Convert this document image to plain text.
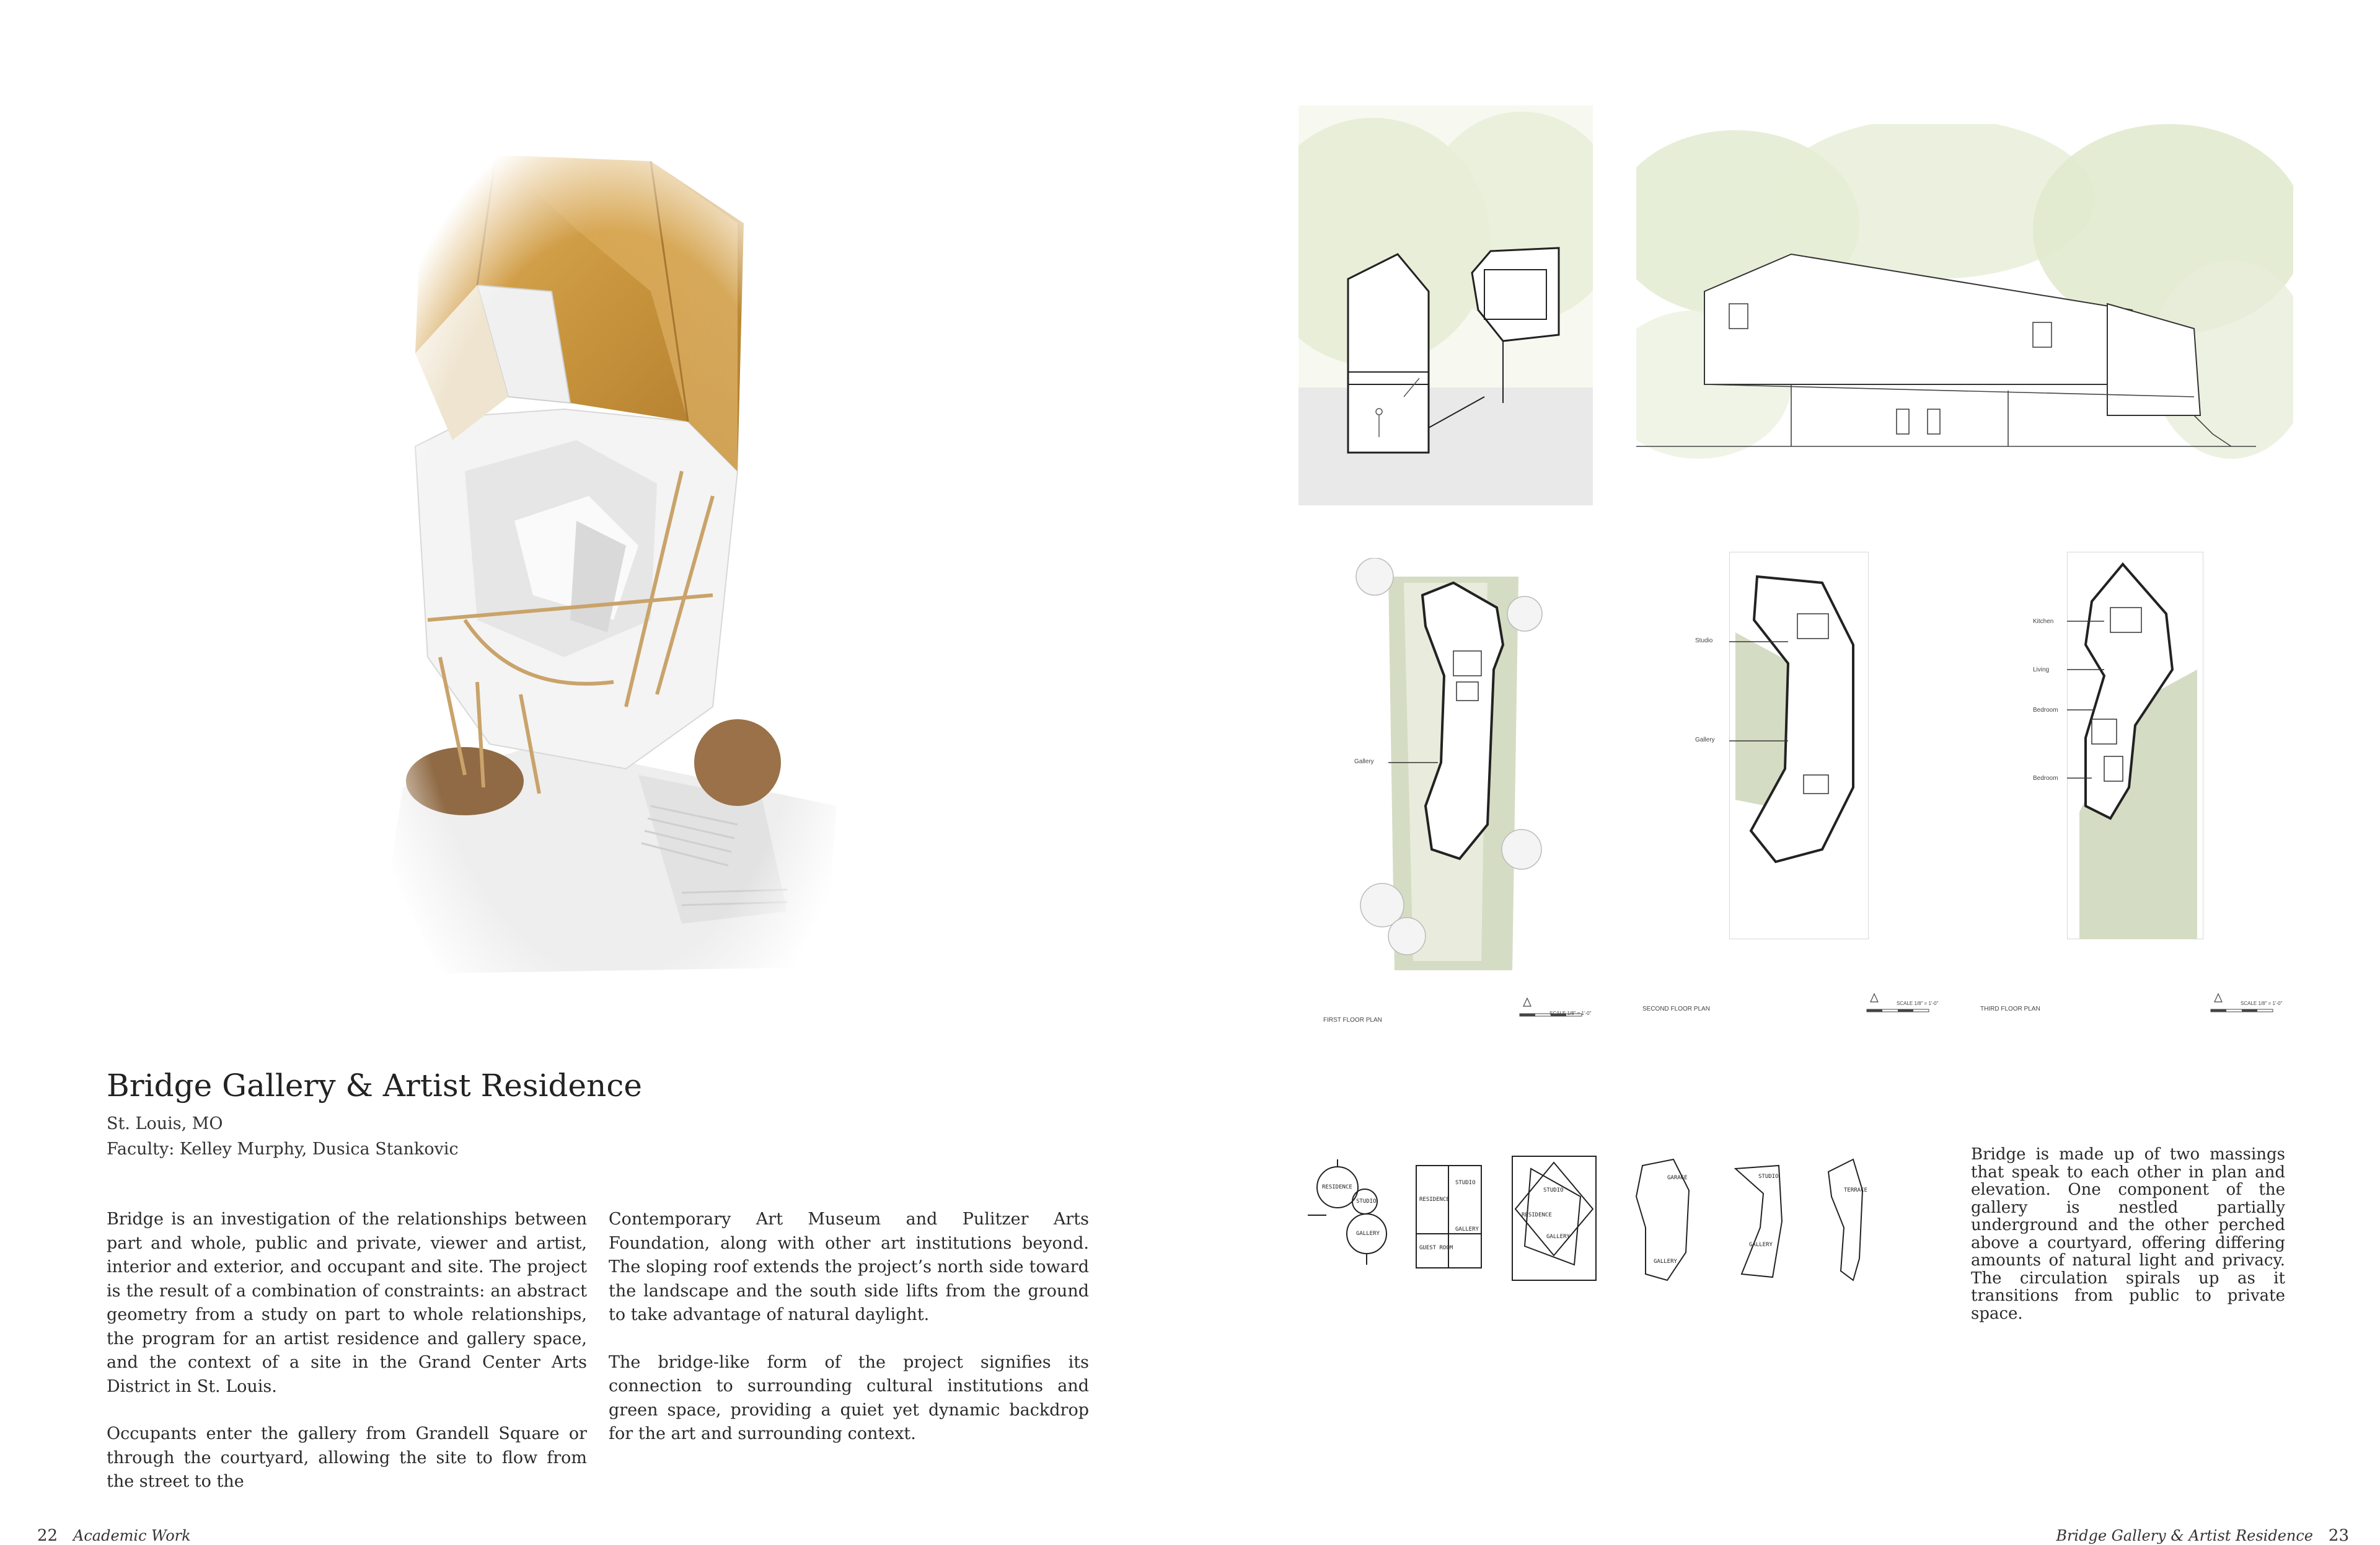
Gallery
Studio
Gallery
Kitchen
Living
Bedroom
Bedroom
FIRST FLOOR PLAN
SECOND FLOOR PLAN	THIRD FLOOR PLAN
SCALE 1/8" = 1'-0"
SCALE 1/8" = 1'-0"	SCALE 1/8" = 1'-0"
RESIDENCE
STUDIO
GALLERY
STUDIO
RESIDENCE
GALLERY
GUEST ROOM
STUDIO
RESIDENCE
GALLERY
GARAGE
GALLERY
STUDIO
GALLERY
TERRACE
Bridge Gallery & Artist Residence
St. Louis, MO
Faculty: Kelley Murphy, Dusica Stankovic

Bridge is an investigation of the relationships between part and whole, public and private, viewer and artist, interior and exterior, and occupant and site. The project is the result of a combination of constraints: an abstract geometry from a study on part to whole relationships, the program for an artist residence and gallery space, and the context of a site in the Grand Center Arts District in St. Louis.

Occupants enter the gallery from Grandell Square or through the courtyard, allowing the site to flow from the street to the

Contemporary Art Museum and Pulitzer Arts Foundation, along with other art institutions beyond. The sloping roof extends the project’s north side toward the landscape and the south side lifts from the ground to take advantage of natural daylight.

The bridge-like form of the project signifies its connection to surrounding cultural institutions and green space, providing a quiet yet dynamic backdrop for the art and surrounding context.

Bridge is made up of two massings that speak to each other in plan and elevation. One component of the gallery is nestled partially underground and the other perched above a courtyard, offering differing amounts of natural light and privacy. The circulation spirals up as it transitions from public to private space.
22 Academic Work	Bridge Gallery & Artist Residence 23
